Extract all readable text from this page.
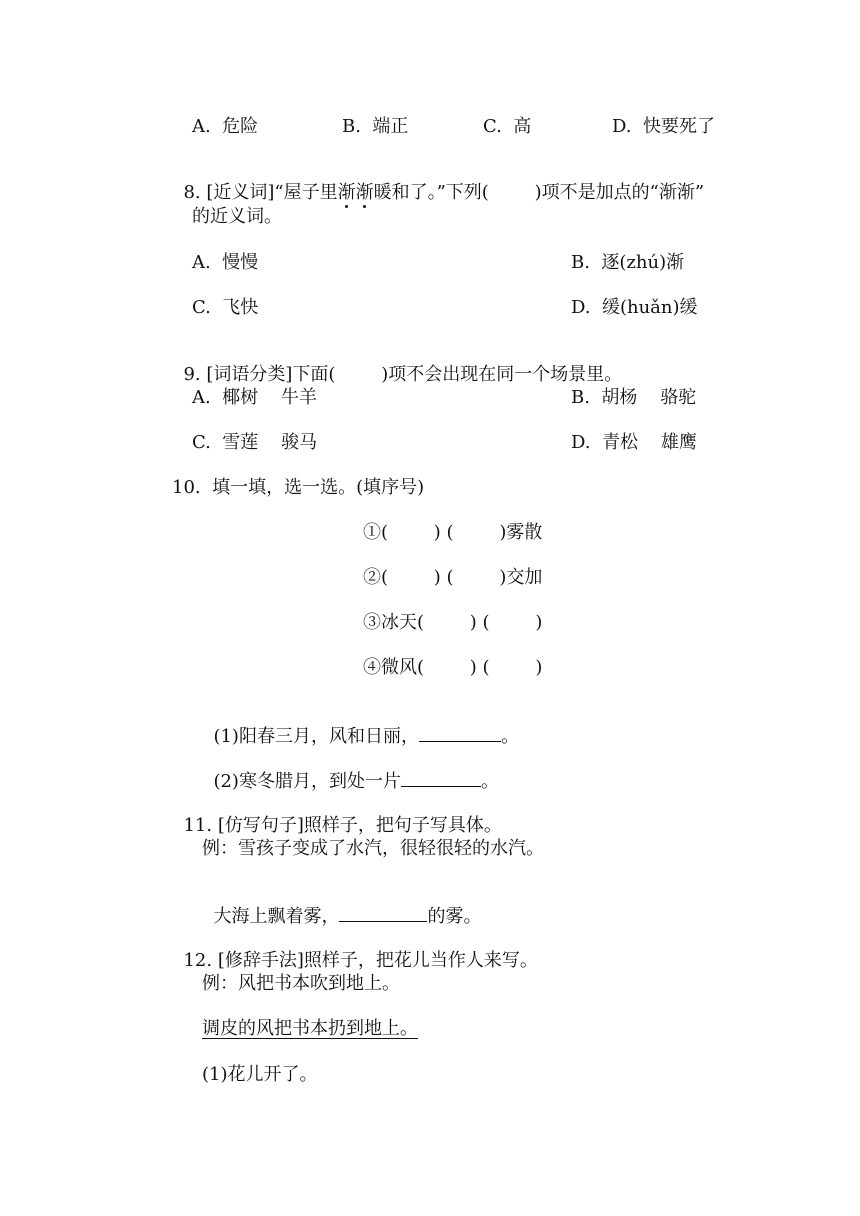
A.  危险	B.  端正	C.  高	D.  快要死了

8. [近义词]“屋子里渐渐暖和了。”下列(        )项不是加点的“渐渐”

的近义词。
A.  慢慢	B.  逐(zhú)渐
C.  飞快	D.  缓(huǎn)缓

9. [词语分类]下面(        )项不会出现在同一个场景里。

A.  椰树    牛羊	B.  胡杨    骆驼
C.  雪莲    骏马	D.  青松    雄鹰
10.  填一填，选一选。(填序号)
①(        ) (        )雾散
②(        ) (        )交加
③冰天(        ) (        )
④微风(        ) (        )

(1)阳春三月，风和日丽，	。

(2)寒冬腊月，到处一片	。

11. [仿写句子]照样子，把句子写具体。

例：雪孩子变成了水汽，很轻很轻的水汽。

大海上飘着雾，	的雾。

12. [修辞手法]照样子，把花儿当作人来写。

例：风把书本吹到地上。
调皮的风把书本扔到地上。
(1)花儿开了。
